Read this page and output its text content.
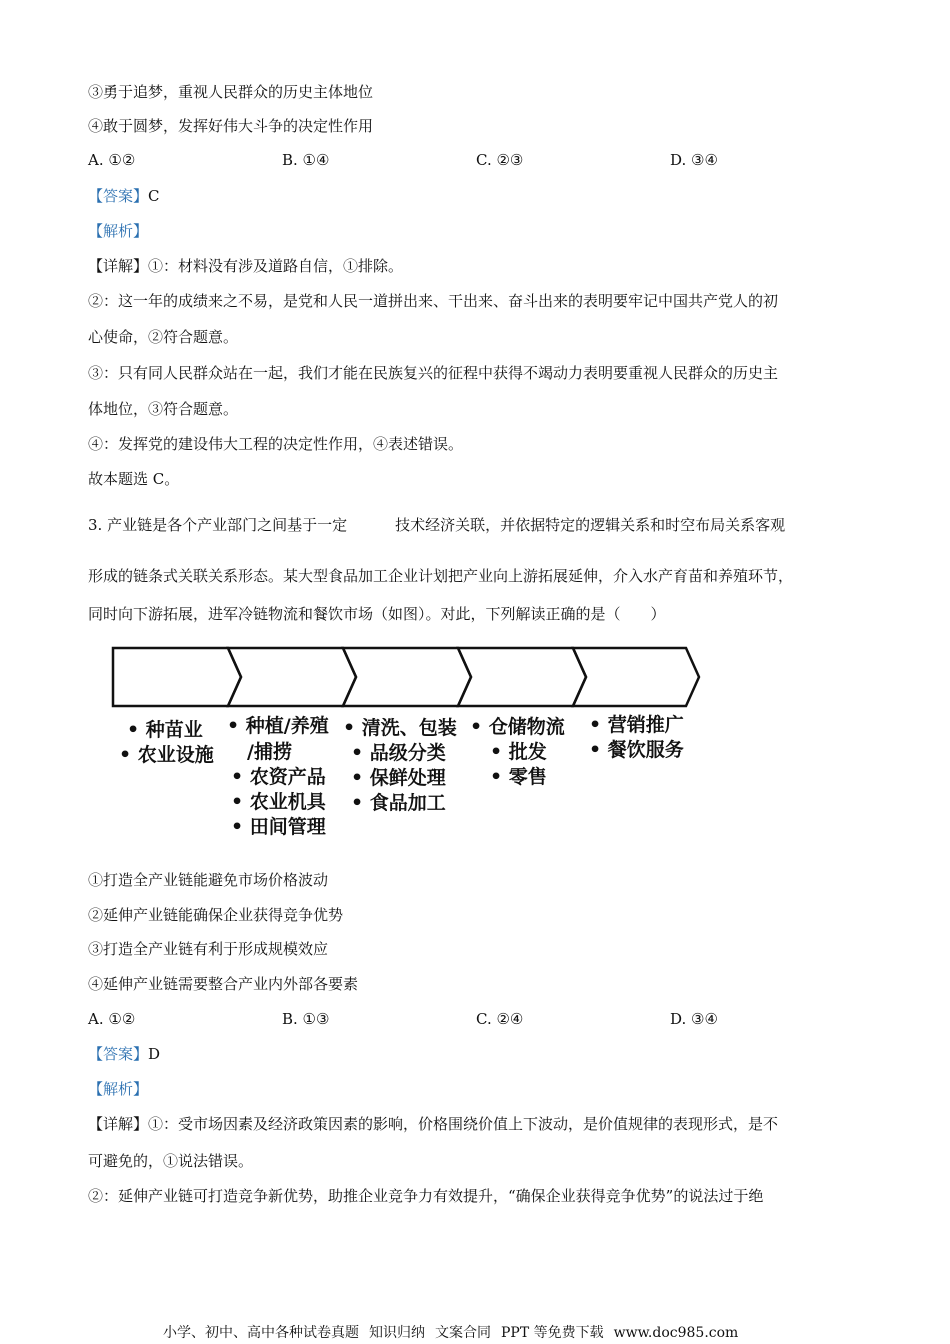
③勇于追梦，重视人民群众的历史主体地位
④敢于圆梦，发挥好伟大斗争的决定性作用
A. ①②	B. ①④	C. ②③	D. ③④
【答案】C
【解析】
【详解】①：材料没有涉及道路自信，①排除。
②：这一年的成绩来之不易，是党和人民一道拼出来、干出来、奋斗出来的表明要牢记中国共产党人的初
心使命，②符合题意。
③：只有同人民群众站在一起，我们才能在民族复兴的征程中获得不竭动力表明要重视人民群众的历史主
体地位，③符合题意。
④：发挥党的建设伟大工程的决定性作用，④表述错误。
故本题选 C。
3. 产业链是各个产业部门之间基于一定	技术经济关联，并依据特定的逻辑关系和时空布局关系客观
形成的链条式关联关系形态。某大型食品加工企业计划把产业向上游拓展延伸，介入水产育苗和养殖环节，
同时向下游拓展，进军冷链物流和餐饮市场（如图）。对此，下列解读正确的是（　　）
• 种苗业
• 农业设施
• 种植/养殖
/捕捞
• 农资产品
• 农业机具
• 田间管理
• 清洗、包装
• 品级分类
• 保鲜处理
• 食品加工
• 仓储物流
• 批发
• 零售
• 营销推广
• 餐饮服务
①打造全产业链能避免市场价格波动
②延伸产业链能确保企业获得竞争优势
③打造全产业链有利于形成规模效应
④延伸产业链需要整合产业内外部各要素
A. ①②	B. ①③	C. ②④	D. ③④
【答案】D
【解析】
【详解】①：受市场因素及经济政策因素的影响，价格围绕价值上下波动，是价值规律的表现形式，是不
可避免的，①说法错误。
②：延伸产业链可打造竞争新优势，助推企业竞争力有效提升，“确保企业获得竞争优势”的说法过于绝
小学、初中、高中各种试卷真题 知识归纳 文案合同 PPT 等免费下载 www.doc985.com
